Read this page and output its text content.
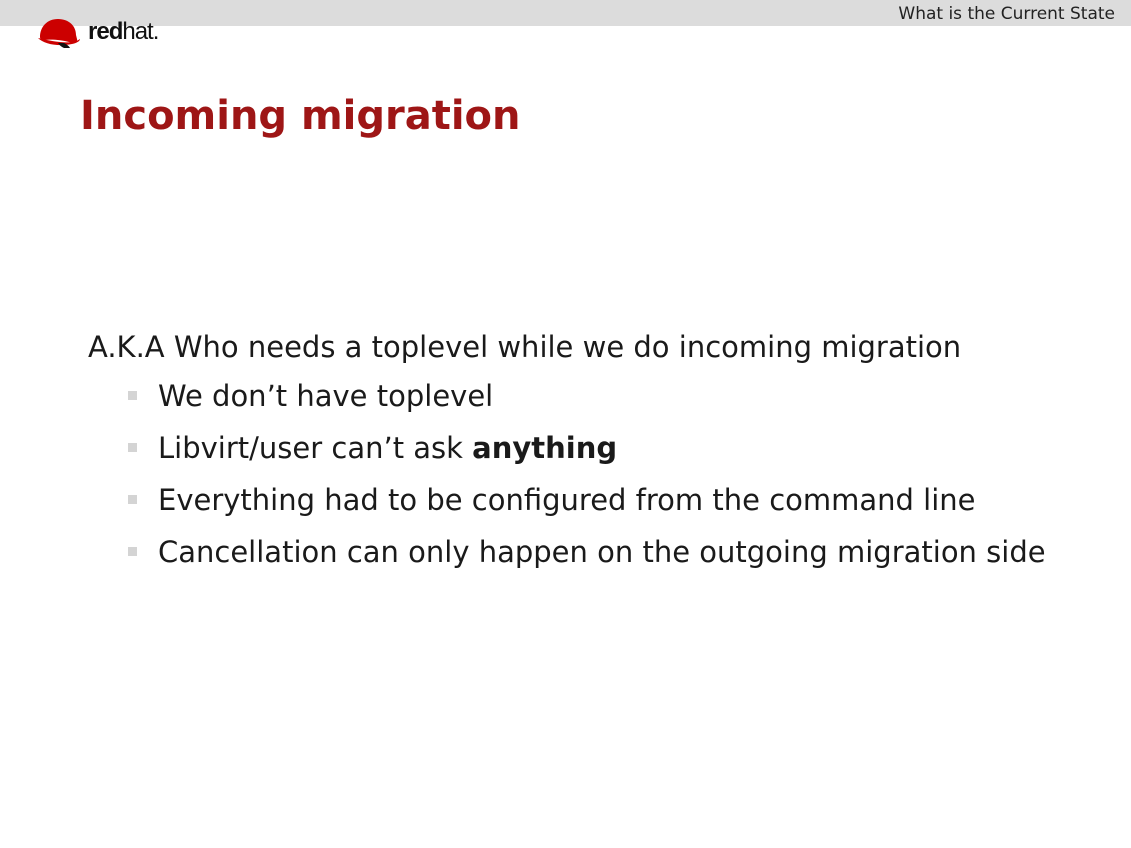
What is the Current State
redhat.
Incoming migration

A.K.A Who needs a toplevel while we do incoming migration

We don’t have toplevel
Libvirt/user can’t ask anything
Everything had to be configured from the command line
Cancellation can only happen on the outgoing migration side
